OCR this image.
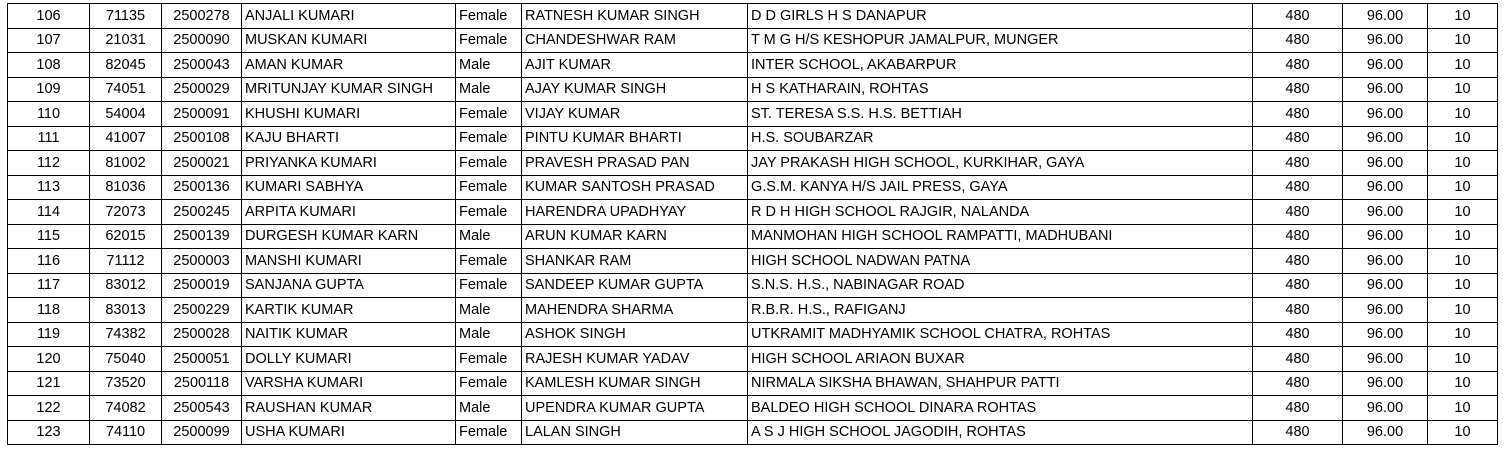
106	71135	2500278	ANJALI KUMARI	Female	RATNESH KUMAR SINGH	D D GIRLS H S DANAPUR	480	96.00	10
107	21031	2500090	MUSKAN KUMARI	Female	CHANDESHWAR RAM	T M G H/S KESHOPUR JAMALPUR, MUNGER	480	96.00	10
108	82045	2500043	AMAN KUMAR	Male	AJIT KUMAR	INTER SCHOOL, AKABARPUR	480	96.00	10
109	74051	2500029	MRITUNJAY KUMAR SINGH	Male	AJAY KUMAR SINGH	H S KATHARAIN, ROHTAS	480	96.00	10
110	54004	2500091	KHUSHI KUMARI	Female	VIJAY KUMAR	ST. TERESA S.S. H.S. BETTIAH	480	96.00	10
111	41007	2500108	KAJU BHARTI	Female	PINTU KUMAR BHARTI	H.S. SOUBARZAR	480	96.00	10
112	81002	2500021	PRIYANKA KUMARI	Female	PRAVESH PRASAD PAN	JAY PRAKASH HIGH SCHOOL, KURKIHAR, GAYA	480	96.00	10
113	81036	2500136	KUMARI SABHYA	Female	KUMAR SANTOSH PRASAD	G.S.M. KANYA H/S JAIL PRESS, GAYA	480	96.00	10
114	72073	2500245	ARPITA KUMARI	Female	HARENDRA UPADHYAY	R D H HIGH SCHOOL RAJGIR, NALANDA	480	96.00	10
115	62015	2500139	DURGESH KUMAR KARN	Male	ARUN KUMAR KARN	MANMOHAN HIGH SCHOOL RAMPATTI, MADHUBANI	480	96.00	10
116	71112	2500003	MANSHI KUMARI	Female	SHANKAR RAM	HIGH SCHOOL NADWAN PATNA	480	96.00	10
117	83012	2500019	SANJANA GUPTA	Female	SANDEEP KUMAR GUPTA	S.N.S. H.S., NABINAGAR ROAD	480	96.00	10
118	83013	2500229	KARTIK KUMAR	Male	MAHENDRA SHARMA	R.B.R. H.S., RAFIGANJ	480	96.00	10
119	74382	2500028	NAITIK KUMAR	Male	ASHOK SINGH	UTKRAMIT MADHYAMIK SCHOOL CHATRA, ROHTAS	480	96.00	10
120	75040	2500051	DOLLY KUMARI	Female	RAJESH KUMAR YADAV	HIGH SCHOOL ARIAON BUXAR	480	96.00	10
121	73520	2500118	VARSHA KUMARI	Female	KAMLESH KUMAR SINGH	NIRMALA SIKSHA BHAWAN, SHAHPUR PATTI	480	96.00	10
122	74082	2500543	RAUSHAN KUMAR	Male	UPENDRA KUMAR GUPTA	BALDEO HIGH SCHOOL DINARA ROHTAS	480	96.00	10
123	74110	2500099	USHA KUMARI	Female	LALAN SINGH	A S J HIGH SCHOOL JAGODIH, ROHTAS	480	96.00	10
